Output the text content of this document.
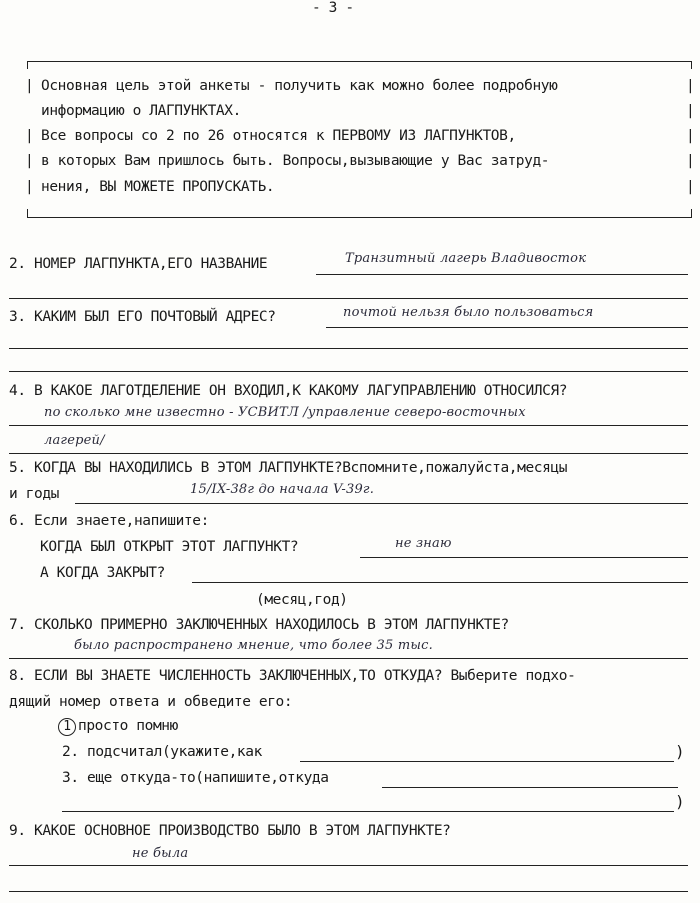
- 3 -
|
|
|
|
|
|
|
|
|
Основная цель этой анкеты - получить как можно более подробную
информацию о ЛАГПУНКТАХ.
Все вопросы со 2 по 26 относятся к ПЕРВОМУ ИЗ ЛАГПУНКТОВ,
в которых Вам пришлось быть. Вопросы,вызывающие у Вас затруд-
нения, ВЫ МОЖЕТЕ ПРОПУСКАТЬ.
2. НОМЕР ЛАГПУНКТА,ЕГО НАЗВАНИЕ	Транзитный лагерь Владивосток
3. КАКИМ БЫЛ ЕГО ПОЧТОВЫЙ АДРЕС?	почтой нельзя было пользоваться
4. В КАКОЕ ЛАГОТДЕЛЕНИЕ ОН ВХОДИЛ,К КАКОМУ ЛАГУПРАВЛЕНИЮ ОТНОСИЛСЯ?
по сколько мне известно - УСВИТЛ /управление северо-восточных
лагерей/
5. КОГДА ВЫ НАХОДИЛИСЬ В ЭТОМ ЛАГПУНКТЕ?Вспомните,пожалуйста,месяцы
и годы	15/IX-38г до начала V-39г.
6. Если знаете,напишите:
КОГДА БЫЛ ОТКРЫТ ЭТОТ ЛАГПУНКТ?	не знаю
А КОГДА ЗАКРЫТ?
(месяц,год)
7. СКОЛЬКО ПРИМЕРНО ЗАКЛЮЧЕННЫХ НАХОДИЛОСЬ В ЭТОМ ЛАГПУНКТЕ?
было распространено мнение, что более 35 тыс.
8. ЕСЛИ ВЫ ЗНАЕТЕ ЧИСЛЕННОСТЬ ЗАКЛЮЧЕННЫХ,ТО ОТКУДА? Выберите подхо-
дящий номер ответа и обведите его:
1 просто помню
2. подсчитал(укажите,как	)
3. еще откуда-то(напишите,откуда
)
9. КАКОЕ ОСНОВНОЕ ПРОИЗВОДСТВО БЫЛО В ЭТОМ ЛАГПУНКТЕ?
не была
